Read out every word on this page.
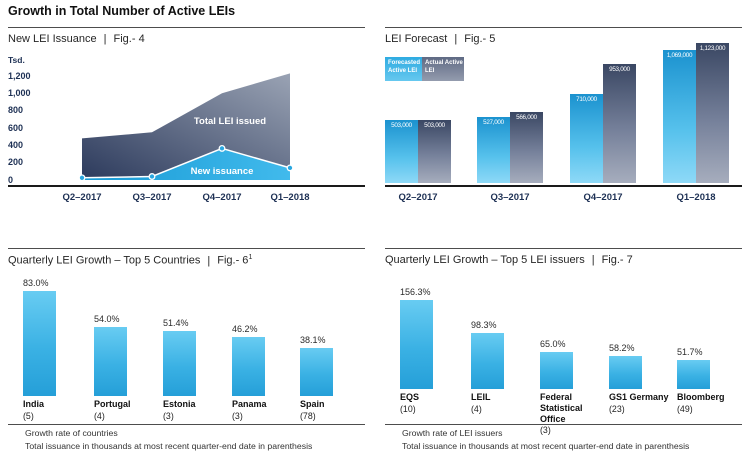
Growth in Total Number of Active LEIs
New LEI Issuance | Fig.- 4
Tsd.
0
200
400
600
800
1,000
1,200
Total LEI issued
New issuance
Q2–2017	Q3–2017	Q4–2017	Q1–2018
LEI Forecast | Fig.- 5
Forecasted Active LEI
Actual Active LEI
503,000	503,000	527,000
566,000
710,000
953,000
1,069,000
1,123,000
Q2–2017	Q3–2017	Q4–2017	Q1–2018
Quarterly LEI Growth – Top 5 Countries | Fig.- $6^1$
83.0%
54.0%	51.4%
46.2%
38.1%
India
(5)
Portugal
(4)
Estonia
(3)
Panama
(3)
Spain
(78)
Growth rate of countries
Total issuance in thousands at most recent quarter-end date in parenthesis
Quarterly LEI Growth – Top 5 LEI issuers | Fig.- 7
156.3%
98.3%
65.0%	58.2%	51.7%
EQS
(10)
LEIL
(4)
Federal Statistical Office
(3)
GS1 Germany
(23)
Bloomberg
(49)
Growth rate of LEI issuers
Total issuance in thousands at most recent quarter-end date in parenthesis
